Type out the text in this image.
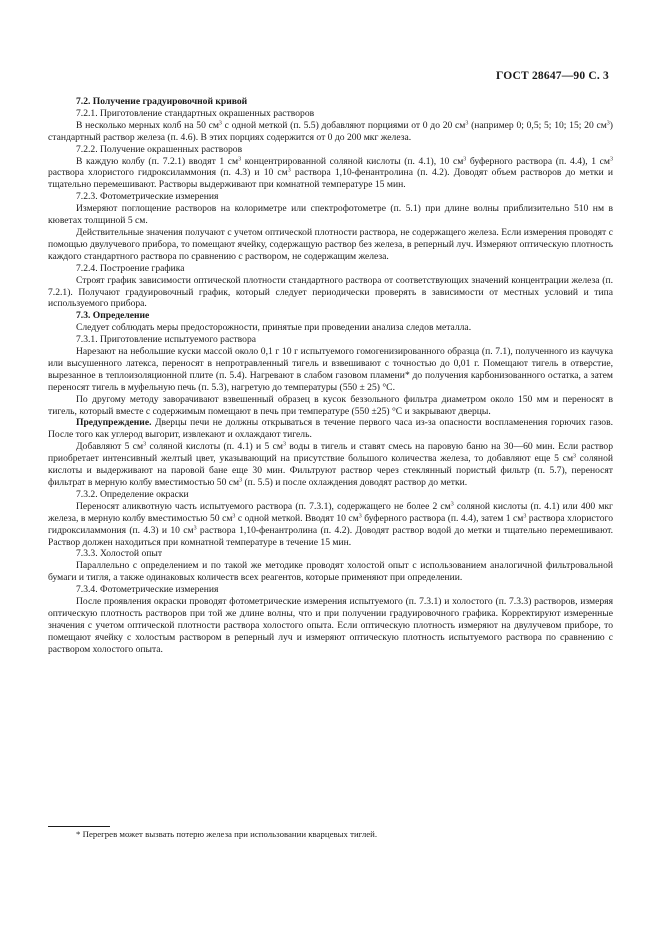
ГОСТ 28647—90 С. 3

7.2. Получение градуировочной кривой

7.2.1. Приготовление стандартных окрашенных растворов

В несколько мерных колб на 50 $см^3$ с одной меткой (п. 5.5) добавляют порциями от 0 до 20 $см^3$ (например 0; 0,5; 5; 10; 15; 20 $см^3$) стандартный раствор железа (п. 4.6). В этих порциях содержится от 0 до 200 мкг железа.

7.2.2. Получение окрашенных растворов

В каждую колбу (п. 7.2.1) вводят 1 $см^3$ концентрированной соляной кислоты (п. 4.1), 10 $см^3$ буферного раствора (п. 4.4), 1 $см^3$ раствора хлористого гидроксиламмония (п. 4.3) и 10 $см^3$ раствора 1,10-фенантролина (п. 4.2). Доводят объем растворов до метки и тщательно перемешивают. Растворы выдерживают при комнатной температуре 15 мин.

7.2.3. Фотометрические измерения

Измеряют поглощение растворов на колориметре или спектрофотометре (п. 5.1) при длине волны приблизительно 510 нм в кюветах толщиной 5 см.

Действительные значения получают с учетом оптической плотности раствора, не содержащего железа. Если измерения проводят с помощью двулучевого прибора, то помещают ячейку, содержащую раствор без железа, в реперный луч. Измеряют оптическую плотность каждого стандартного раствора по сравнению с раствором, не содержащим железа.

7.2.4. Построение графика

Строят график зависимости оптической плотности стандартного раствора от соответствующих значений концентрации железа (п. 7.2.1). Получают градуировочный график, который следует периодически проверять в зависимости от местных условий и типа используемого прибора.

7.3. Определение

Следует соблюдать меры предосторожности, принятые при проведении анализа следов металла.

7.3.1. Приготовление испытуемого раствора

Нарезают на небольшие куски массой около 0,1 г 10 г испытуемого гомогенизированного образца (п. 7.1), полученного из каучука или высушенного латекса, переносят в непротравленный тигель и взвешивают с точностью до 0,01 г. Помещают тигель в отверстие, вырезанное в теплоизоляционной плите (п. 5.4). Нагревают в слабом газовом пламени* до получения карбонизованного остатка, а затем переносят тигель в муфельную печь (п. 5.3), нагретую до температуры (550 ± 25) °С.

По другому методу заворачивают взвешенный образец в кусок беззольного фильтра диаметром около 150 мм и переносят в тигель, который вместе с содержимым помещают в печь при температуре (550 ±25) °С и закрывают дверцы.

Предупреждение. Дверцы печи не должны открываться в течение первого часа из-за опасности воспламенения горючих газов. После того как углерод выгорит, извлекают и охлаждают тигель.

Добавляют 5 $см^3$ соляной кислоты (п. 4.1) и 5 $см^3$ воды в тигель и ставят смесь на паровую баню на 30—60 мин. Если раствор приобретает интенсивный желтый цвет, указывающий на присутствие большого количества железа, то добавляют еще 5 $см^3$ соляной кислоты и выдерживают на паровой бане еще 30 мин. Фильтруют раствор через стеклянный пористый фильтр (п. 5.7), переносят фильтрат в мерную колбу вместимостью 50 $см^3$ (п. 5.5) и после охлаждения доводят раствор до метки.

7.3.2. Определение окраски

Переносят аликвотную часть испытуемого раствора (п. 7.3.1), содержащего не более 2 $см^3$ соляной кислоты (п. 4.1) или 400 мкг железа, в мерную колбу вместимостью 50 $см^3$ с одной меткой. Вводят 10 $см^3$ буферного раствора (п. 4.4), затем 1 $см^3$ раствора хлористого гидроксиламмония (п. 4.3) и 10 $см^3$ раствора 1,10-фенантролина (п. 4.2). Доводят раствор водой до метки и тщательно перемешивают. Раствор должен находиться при комнатной температуре в течение 15 мин.

7.3.3. Холостой опыт

Параллельно с определением и по такой же методике проводят холостой опыт с использованием аналогичной фильтровальной бумаги и тигля, а также одинаковых количеств всех реагентов, которые применяют при определении.

7.3.4. Фотометрические измерения

После проявления окраски проводят фотометрические измерения испытуемого (п. 7.3.1) и холостого (п. 7.3.3) растворов, измеряя оптическую плотность растворов при той же длине волны, что и при получении градуировочного графика. Корректируют измеренные значения с учетом оптической плотности раствора холостого опыта. Если оптическую плотность измеряют на двулучевом приборе, то помещают ячейку с холостым раствором в реперный луч и измеряют оптическую плотность испытуемого раствора по сравнению с раствором холостого опыта.

* Перегрев может вызвать потерю железа при использовании кварцевых тиглей.
